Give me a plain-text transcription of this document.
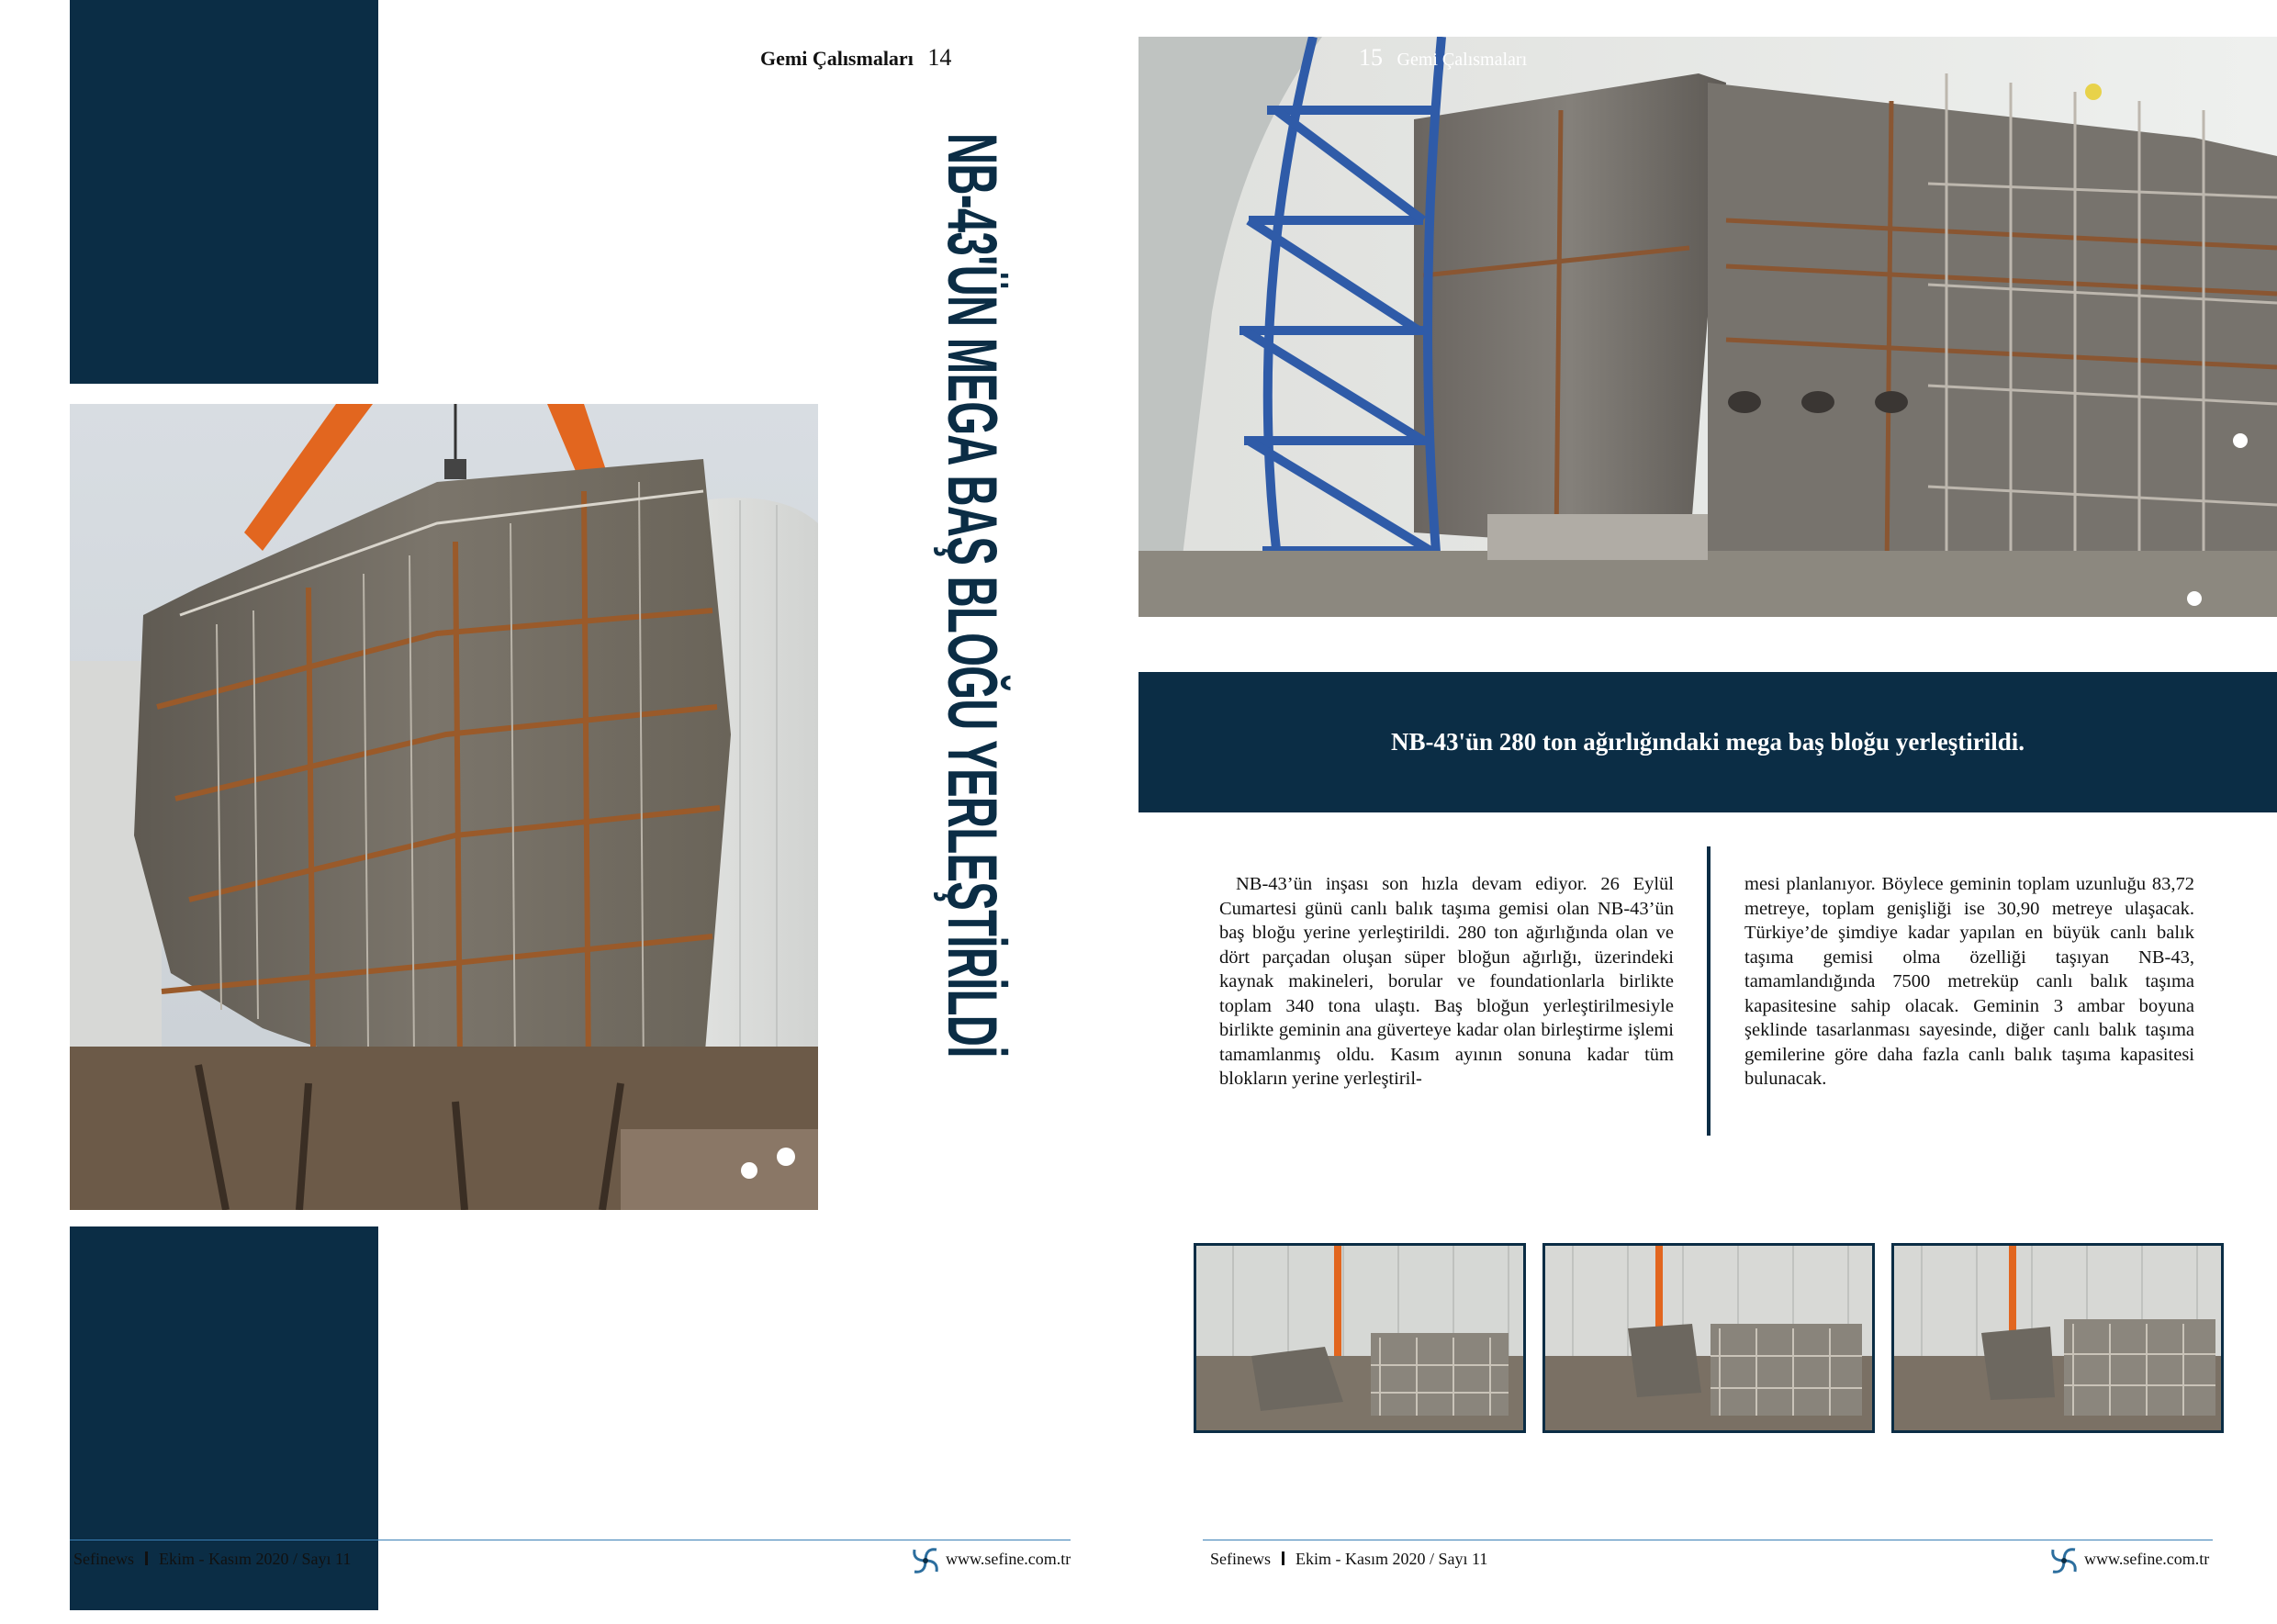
Gemi Çalısmaları 14
NB-43'ÜN MEGA BAŞ BLOĞU YERLEŞTİRİLDİ
Sefinews Ekim - Kasım 2020 / Sayı 11	www.sefine.com.tr
15 Gemi Çalısmaları
NB-43'ün 280 ton ağırlığındaki mega baş bloğu yerleştirildi.

NB-43’ün inşası son hızla devam ediyor. 26 Eylül Cumartesi günü canlı balık taşıma gemisi olan NB-43’ün baş bloğu yerine yerleştirildi. 280 ton ağırlığında olan ve dört parçadan oluşan süper bloğun ağırlığı, üzerindeki kaynak makineleri, borular ve foundationlarla birlikte toplam 340 tona ulaştı. Baş bloğun yerleştirilmesiyle birlikte geminin ana güverteye kadar olan birleştirme işlemi tamamlanmış oldu. Kasım ayının sonuna kadar tüm blokların yerine yerleştiril-

mesi planlanıyor. Böylece geminin toplam uzunluğu 83,72 metreye, toplam genişliği ise 30,90 metreye ulaşacak. Türkiye’de şimdiye kadar yapılan en büyük canlı balık taşıma gemisi olma özelliği taşıyan NB-43, tamamlandığında 7500 metreküp canlı balık taşıma kapasitesine sahip olacak. Geminin 3 ambar boyuna şeklinde tasarlanması sayesinde, diğer canlı balık taşıma gemilerine göre daha fazla canlı balık taşıma kapasitesi bulunacak.

Sefinews Ekim - Kasım 2020 / Sayı 11	www.sefine.com.tr
